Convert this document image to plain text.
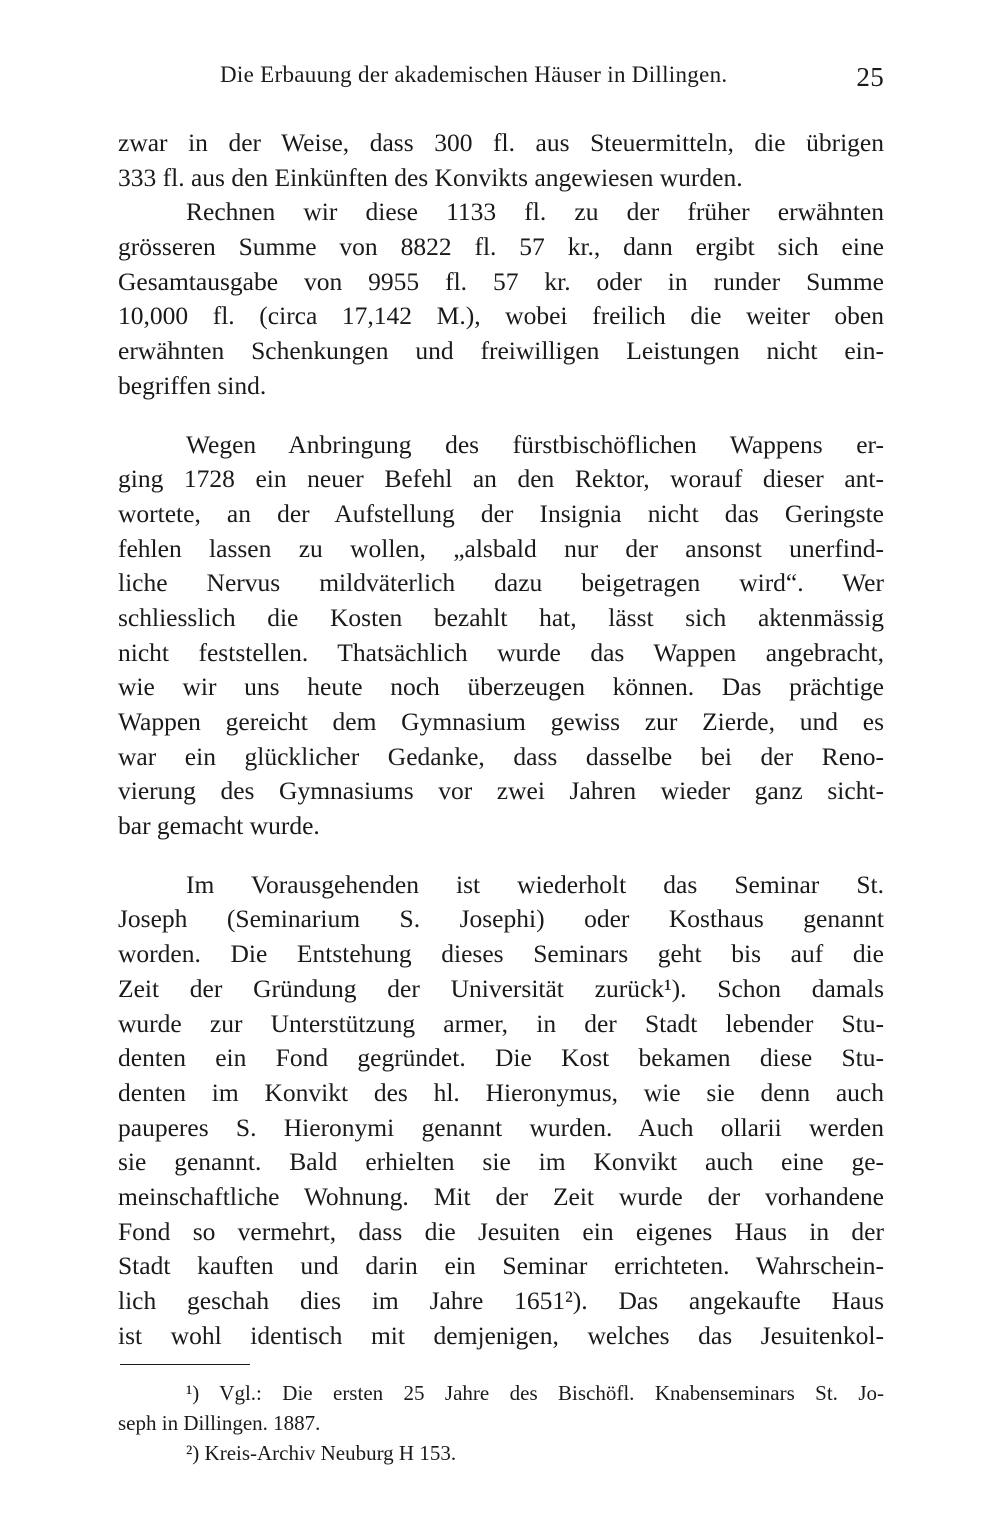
Die Erbauung der akademischen Häuser in Dillingen.	25
zwar in der Weise, dass 300 fl. aus Steuermitteln, die übrigen
333 fl. aus den Einkünften des Konvikts angewiesen wurden.
Rechnen wir diese 1133 fl. zu der früher erwähnten
grösseren Summe von 8822 fl. 57 kr., dann ergibt sich eine
Gesamtausgabe von 9955 fl. 57 kr. oder in runder Summe
10,000 fl. (circa 17,142 M.), wobei freilich die weiter oben
erwähnten Schenkungen und freiwilligen Leistungen nicht ein-
begriffen sind.
Wegen Anbringung des fürstbischöflichen Wappens er-
ging 1728 ein neuer Befehl an den Rektor, worauf dieser ant-
wortete, an der Aufstellung der Insignia nicht das Geringste
fehlen lassen zu wollen, „alsbald nur der ansonst unerfind-
liche Nervus mildväterlich dazu beigetragen wird“. Wer
schliesslich die Kosten bezahlt hat, lässt sich aktenmässig
nicht feststellen. Thatsächlich wurde das Wappen angebracht,
wie wir uns heute noch überzeugen können. Das prächtige
Wappen gereicht dem Gymnasium gewiss zur Zierde, und es
war ein glücklicher Gedanke, dass dasselbe bei der Reno-
vierung des Gymnasiums vor zwei Jahren wieder ganz sicht-
bar gemacht wurde.
Im Vorausgehenden ist wiederholt das Seminar St.
Joseph (Seminarium S. Josephi) oder Kosthaus genannt
worden. Die Entstehung dieses Seminars geht bis auf die
Zeit der Gründung der Universität zurück¹). Schon damals
wurde zur Unterstützung armer, in der Stadt lebender Stu-
denten ein Fond gegründet. Die Kost bekamen diese Stu-
denten im Konvikt des hl. Hieronymus, wie sie denn auch
pauperes S. Hieronymi genannt wurden. Auch ollarii werden
sie genannt. Bald erhielten sie im Konvikt auch eine ge-
meinschaftliche Wohnung. Mit der Zeit wurde der vorhandene
Fond so vermehrt, dass die Jesuiten ein eigenes Haus in der
Stadt kauften und darin ein Seminar errichteten. Wahrschein-
lich geschah dies im Jahre 1651²). Das angekaufte Haus
ist wohl identisch mit demjenigen, welches das Jesuitenkol-
¹) Vgl.: Die ersten 25 Jahre des Bischöfl. Knabenseminars St. Jo-
seph in Dillingen. 1887.
²) Kreis-Archiv Neuburg H 153.
